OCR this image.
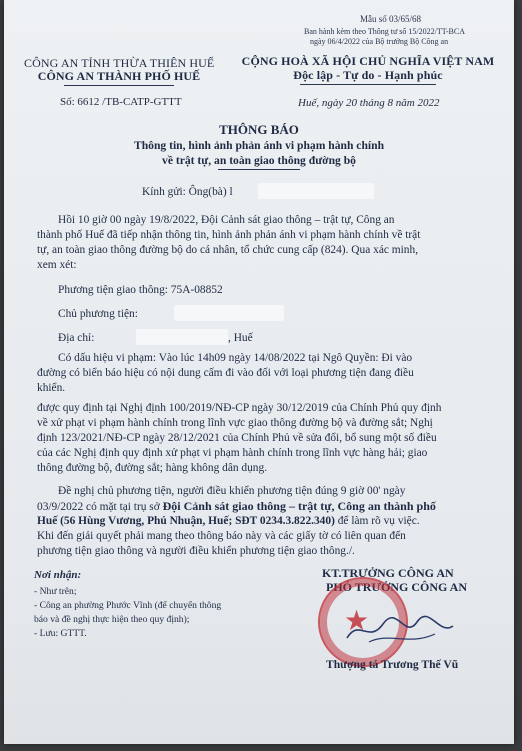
Mẫu số 03/65/68
Ban hành kèm theo Thông tư số 15/2022/TT-BCA
ngày 06/4/2022 của Bộ trưởng Bộ Công an
CÔNG AN TỈNH THỪA THIÊN HUẾ
CÔNG AN THÀNH PHỐ HUẾ
Số: 6612 /TB-CATP-GTTT
CỘNG HOÀ XÃ HỘI CHỦ NGHĨA VIỆT NAM
Độc lập - Tự do - Hạnh phúc
Huế, ngày 20 tháng 8 năm 2022
THÔNG BÁO
Thông tin, hình ảnh phản ánh vi phạm hành chính
về trật tự, an toàn giao thông đường bộ
Kính gửi: Ông(bà) l
Hồi 10 giờ 00 ngày 19/8/2022, Đội Cảnh sát giao thông – trật tự, Công an
thành phố Huế đã tiếp nhận thông tin, hình ảnh phản ánh vi phạm hành chính về trật
tự, an toàn giao thông đường bộ do cá nhân, tổ chức cung cấp (824). Qua xác minh,
xem xét:
Phương tiện giao thông: 75A-08852
Chủ phương tiện:
Địa chỉ:	, Huế
Có dấu hiệu vi phạm: Vào lúc 14h09 ngày 14/08/2022 tại Ngô Quyền: Đi vào
đường có biển báo hiệu có nội dung cấm đi vào đối với loại phương tiện đang điều
khiển.
được quy định tại Nghị định 100/2019/NĐ-CP ngày 30/12/2019 của Chính Phủ quy định
về xử phạt vi phạm hành chính trong lĩnh vực giao thông đường bộ và đường sắt; Nghị
định 123/2021/NĐ-CP ngày 28/12/2021 của Chính Phủ về sửa đổi, bổ sung một số điều
của các Nghị định quy định xử phạt vi phạm hành chính trong lĩnh vực hàng hải; giao
thông đường bộ, đường sắt; hàng không dân dụng.
Đề nghị chủ phương tiện, người điều khiển phương tiện đúng 9 giờ 00' ngày
03/9/2022 có mặt tại trụ sở Đội Cảnh sát giao thông – trật tự, Công an thành phố
Huế (56 Hùng Vương, Phú Nhuận, Huế; SĐT 0234.3.822.340) để làm rõ vụ việc.
Khi đến giải quyết phải mang theo thông báo này và các giấy tờ có liên quan đến
phương tiện giao thông và người điều khiển phương tiện giao thông./.
Nơi nhận:
- Như trên;
- Công an phường Phước Vĩnh (để chuyển thông
báo và đề nghị thực hiện theo quy định);
- Lưu: GTTT.
KT.TRƯỞNG CÔNG AN
PHÓ TRƯỞNG CÔNG AN
★
Thượng tá Trương Thế Vũ
